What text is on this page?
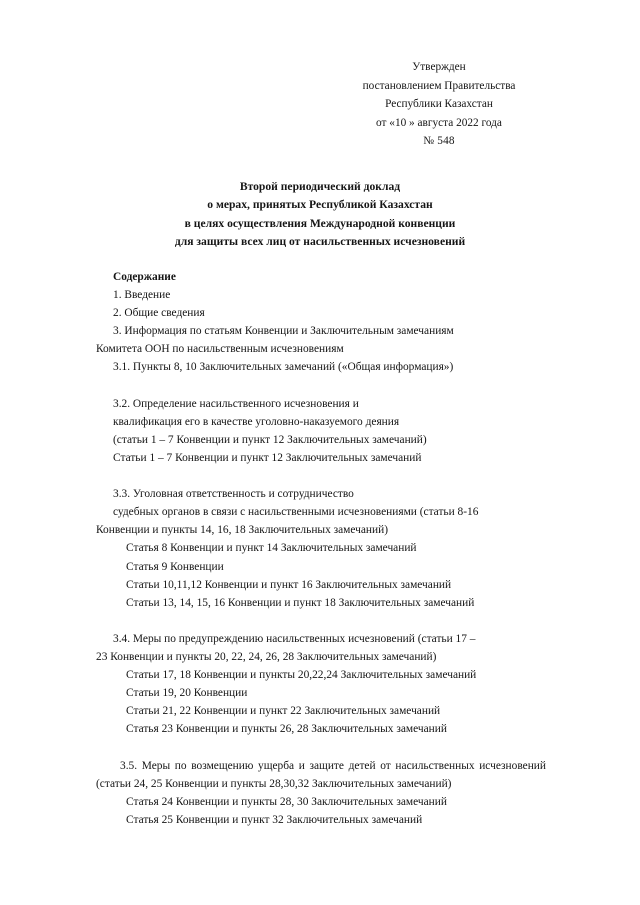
Утвержден
постановлением Правительства
Республики Казахстан
от «10 » августа 2022 года
№ 548
Второй периодический доклад
о мерах, принятых Республикой Казахстан
в целях осуществления Международной конвенции
для защиты всех лиц от насильственных исчезновений
Содержание
1. Введение
2. Общие сведения
3. Информация по статьям Конвенции и Заключительным замечаниям
Комитета ООН по насильственным исчезновениям
3.1. Пункты 8, 10 Заключительных замечаний («Общая информация»)
3.2. Определение насильственного исчезновения и
квалификация его в качестве уголовно-наказуемого деяния
(статьи 1 – 7 Конвенции и пункт 12 Заключительных замечаний)
Статьи 1 – 7 Конвенции и пункт 12 Заключительных замечаний
3.3. Уголовная ответственность и сотрудничество
судебных органов в связи с насильственными исчезновениями (статьи 8-16
Конвенции и пункты 14, 16, 18 Заключительных замечаний)
Статья 8 Конвенции и пункт 14 Заключительных замечаний
Статья 9 Конвенции
Статьи 10,11,12 Конвенции и пункт 16 Заключительных замечаний
Статьи 13, 14, 15, 16 Конвенции и пункт 18 Заключительных замечаний
3.4. Меры по предупреждению насильственных исчезновений (статьи 17 –
23 Конвенции и пункты 20, 22, 24, 26, 28 Заключительных замечаний)
Статьи 17, 18 Конвенции и пункты 20,22,24 Заключительных замечаний
Статьи 19, 20 Конвенции
Статьи 21, 22 Конвенции и пункт 22 Заключительных замечаний
Статья 23 Конвенции и пункты 26, 28 Заключительных замечаний
3.5. Меры по возмещению ущерба и защите детей от насильственных исчезновений (статьи 24, 25 Конвенции и пункты 28,30,32 Заключительных замечаний)
Статья 24 Конвенции и пункты 28, 30 Заключительных замечаний
Статья 25 Конвенции и пункт 32 Заключительных замечаний
